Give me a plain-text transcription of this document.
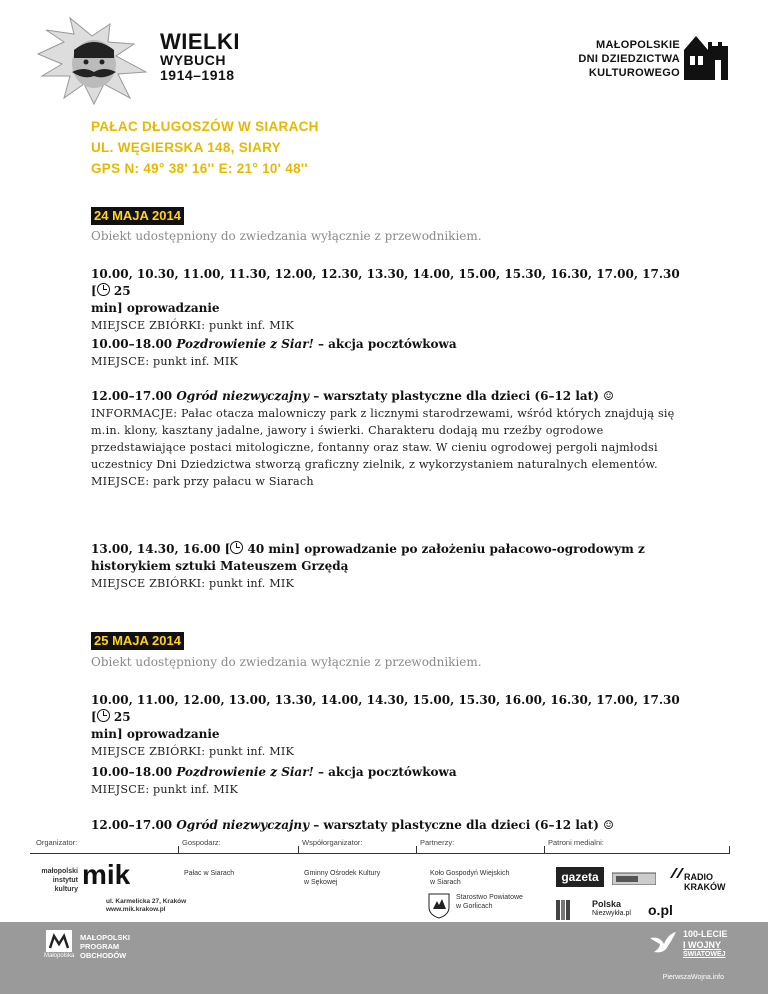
WIELKI
WYBUCH
1914–1918
MAŁOPOLSKIE
DNI DZIEDZICTWA
KULTUROWEGO
PAŁAC DŁUGOSZÓW W SIARACH
UL. WĘGIERSKA 148, SIARY
GPS N: 49° 38' 16'' E: 21° 10' 48''
24 MAJA 2014
Obiekt udostępniony do zwiedzania wyłącznie z przewodnikiem.
10.00, 10.30, 11.00, 11.30, 12.00, 12.30, 13.30, 14.00, 15.00, 15.30, 16.30, 17.00, 17.30 [ 25
min] oprowadzanie
MIEJSCE ZBIÓRKI: punkt inf. MIK
10.00–18.00 Pozdrowienie z Siar! – akcja pocztówkowa
MIEJSCE: punkt inf. MIK
12.00–17.00 Ogród niezwyczajny – warsztaty plastyczne dla dzieci (6–12 lat) ☺
INFORMACJE: Pałac otacza malowniczy park z licznymi starodrzewami, wśród których znajdują się m.in. klony, kasztany jadalne, jawory i świerki. Charakteru dodają mu rzeźby ogrodowe przedstawiające postaci mitologiczne, fontanny oraz staw. W cieniu ogrodowej pergoli najmłodsi uczestnicy Dni Dziedzictwa stworzą graficzny zielnik, z wykorzystaniem naturalnych elementów.
MIEJSCE: park przy pałacu w Siarach
13.00, 14.30, 16.00 [ 40 min] oprowadzanie po założeniu pałacowo-ogrodowym z historykiem sztuki Mateuszem Grzędą
MIEJSCE ZBIÓRKI: punkt inf. MIK
25 MAJA 2014
Obiekt udostępniony do zwiedzania wyłącznie z przewodnikiem.
10.00, 11.00, 12.00, 13.00, 13.30, 14.00, 14.30, 15.00, 15.30, 16.00, 16.30, 17.00, 17.30 [ 25
min] oprowadzanie
MIEJSCE ZBIÓRKI: punkt inf. MIK
10.00–18.00 Pozdrowienie z Siar! – akcja pocztówkowa
MIEJSCE: punkt inf. MIK
12.00–17.00 Ogród niezwyczajny – warsztaty plastyczne dla dzieci (6–12 lat) ☺
Organizator:	Gospodarz:	Współorganizator:	Partnerzy:	Patroni medialni:
małopolski
instytut
kultury mik
ul. Karmelicka 27, Kraków
www.mik.krakow.pl
Pałac w Siarach	Gminny Ośrodek Kultury
w Sękowej
Koło Gospodyń Wiejskich
w Siarach
Starostwo Powiatowe
w Gorlicach
gazeta	RADIO
KRAKÓW
Polska
Niezwykła.pl o.pl
Małopolska
MAŁOPOLSKI
PROGRAM
OBCHODÓW
100-LECIE
I WOJNY
ŚWIATOWEJ
PierwszaWojna.info
